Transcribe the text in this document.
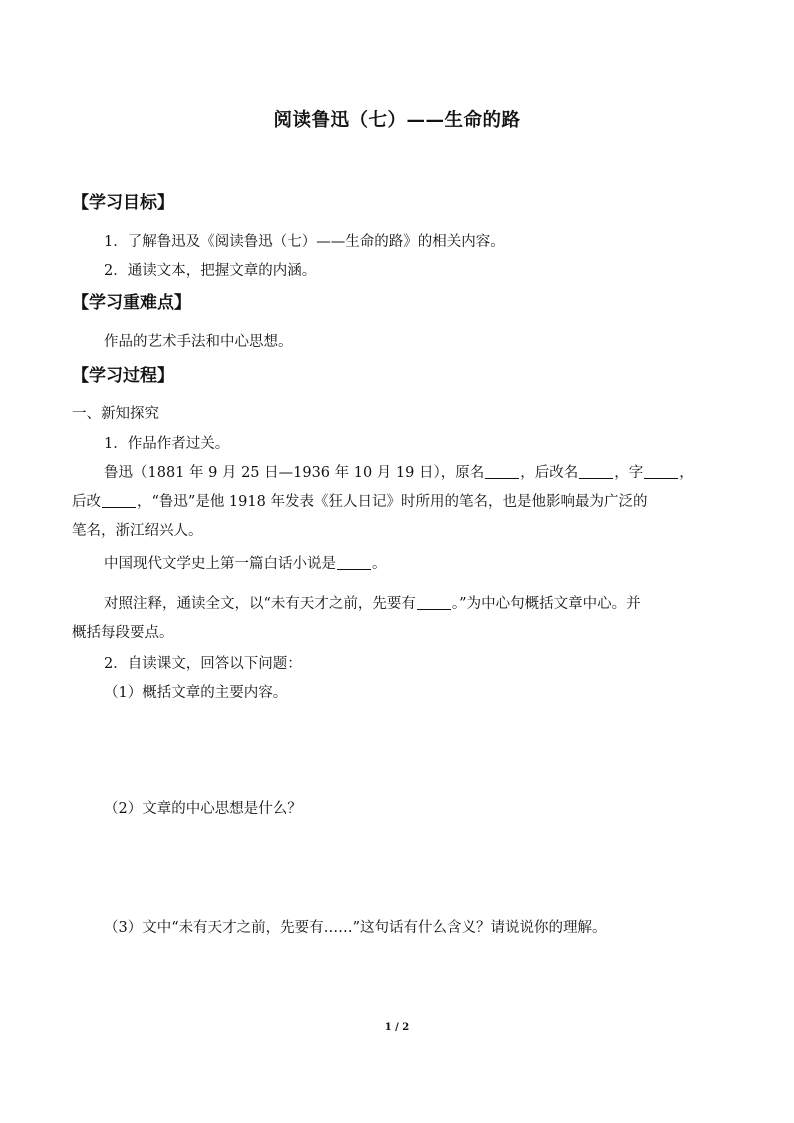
阅读鲁迅（七）——生命的路
【学习目标】
1．了解鲁迅及《阅读鲁迅（七）——生命的路》的相关内容。
2．通读文本，把握文章的内涵。
【学习重难点】
作品的艺术手法和中心思想。
【学习过程】
一、新知探究
1．作品作者过关。
鲁迅（1881 年 9 月 25 日—1936 年 10 月 19 日），原名 ，后改名 ，字 ，
后改 ，“鲁迅”是他 1918 年发表《狂人日记》时所用的笔名，也是他影响最为广泛的
笔名，浙江绍兴人。
中国现代文学史上第一篇白话小说是 。
对照注释，通读全文，以“未有天才之前，先要有 。”为中心句概括文章中心。并
概括每段要点。
2．自读课文，回答以下问题：
（1）概括文章的主要内容。
（2）文章的中心思想是什么？
（3）文中“未有天才之前，先要有……”这句话有什么含义？请说说你的理解。
1 / 2
